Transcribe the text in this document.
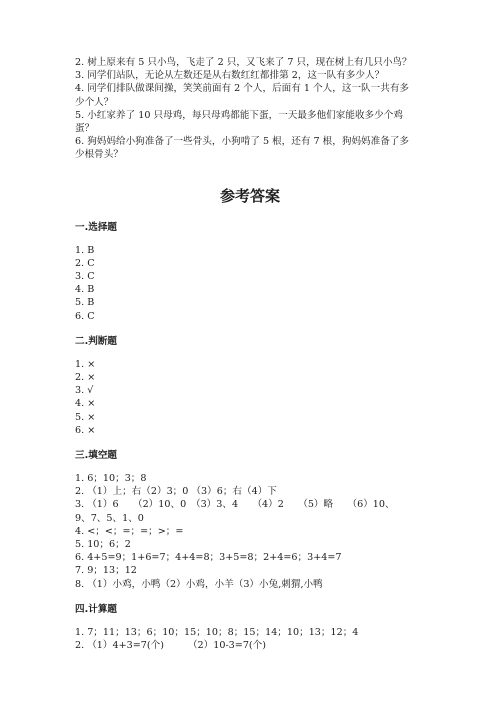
2. 树上原来有 5 只小鸟，飞走了 2 只，又飞来了 7 只，现在树上有几只小鸟？
3. 同学们站队，无论从左数还是从右数红红都排第 2，这一队有多少人？
4. 同学们排队做课间操，笑笑前面有 2 个人，后面有 1 个人，这一队一共有多
少个人？
5. 小红家养了 10 只母鸡，每只母鸡都能下蛋，一天最多他们家能收多少个鸡
蛋？
6. 狗妈妈给小狗准备了一些骨头，小狗啃了 5 根，还有 7 根，狗妈妈准备了多
少根骨头？
参考答案
一.选择题
1. B
2. C
3. C
4. B
5. B
6. C
二.判断题
1. ×
2. ×
3. √
4. ×
5. ×
6. ×
三.填空题
1. 6；10；3；8
2. （1）上；右（2）3；0 （3）6；右（4）下
3. （1）6　　（2）10、0　（3）3、4　　（4）2　　（5）略　　（6）10、
9、7、5、1、0
4. <；<；=；=；>；=
5. 10；6；2
6. 4+5=9；1+6=7；4+4=8；3+5=8；2+4=6；3+4=7
7. 9；13；12
8. （1）小鸡，小鸭（2）小鸡，小羊（3）小兔,刺猬,小鸭
四.计算题
1. 7；11；13；6；10；15；10；8；15；14；10；13；12；4
2. （1）4+3=7(个)　　　（2）10-3=7(个)
